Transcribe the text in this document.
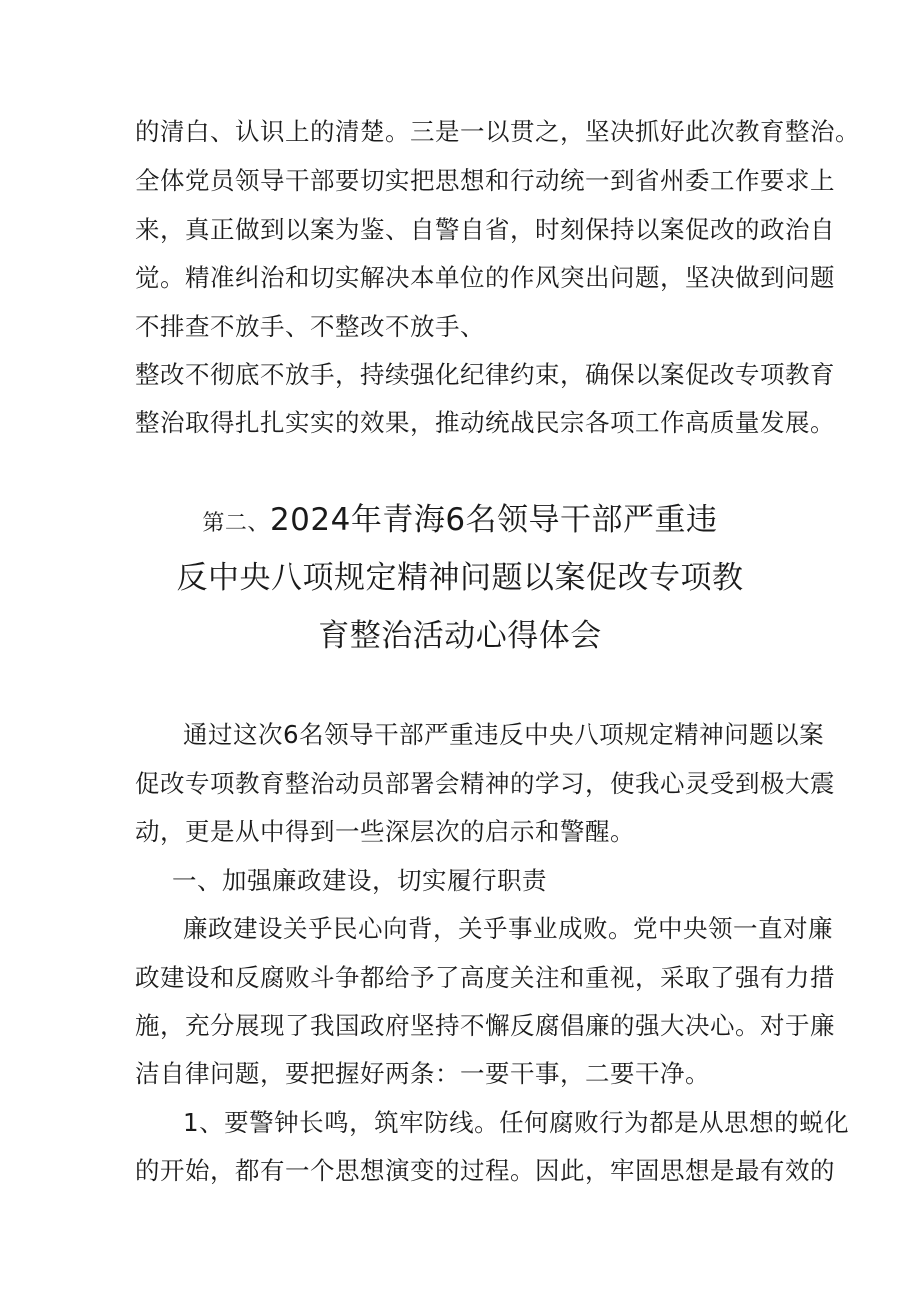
的清白、认识上的清楚。三是一以贯之，坚决抓好此次教育整治。
全体党员领导干部要切实把思想和行动统一到省州委工作要求上
来，真正做到以案为鉴、自警自省，时刻保持以案促改的政治自
觉。精准纠治和切实解决本单位的作风突出问题，坚决做到问题
不排查不放手、不整改不放手、
整改不彻底不放手，持续强化纪律约束，确保以案促改专项教育
整治取得扎扎实实的效果，推动统战民宗各项工作高质量发展。
第二、2024年青海6名领导干部严重违
反中央八项规定精神问题以案促改专项教
育整治活动心得体会
通过这次6名领导干部严重违反中央八项规定精神问题以案
促改专项教育整治动员部署会精神的学习，使我心灵受到极大震
动，更是从中得到一些深层次的启示和警醒。
一、加强廉政建设，切实履行职责
廉政建设关乎民心向背，关乎事业成败。党中央领一直对廉
政建设和反腐败斗争都给予了高度关注和重视，采取了强有力措
施，充分展现了我国政府坚持不懈反腐倡廉的强大决心。对于廉
洁自律问题，要把握好两条：一要干事，二要干净。
1、要警钟长鸣，筑牢防线。任何腐败行为都是从思想的蜕化
的开始，都有一个思想演变的过程。因此，牢固思想是最有效的
